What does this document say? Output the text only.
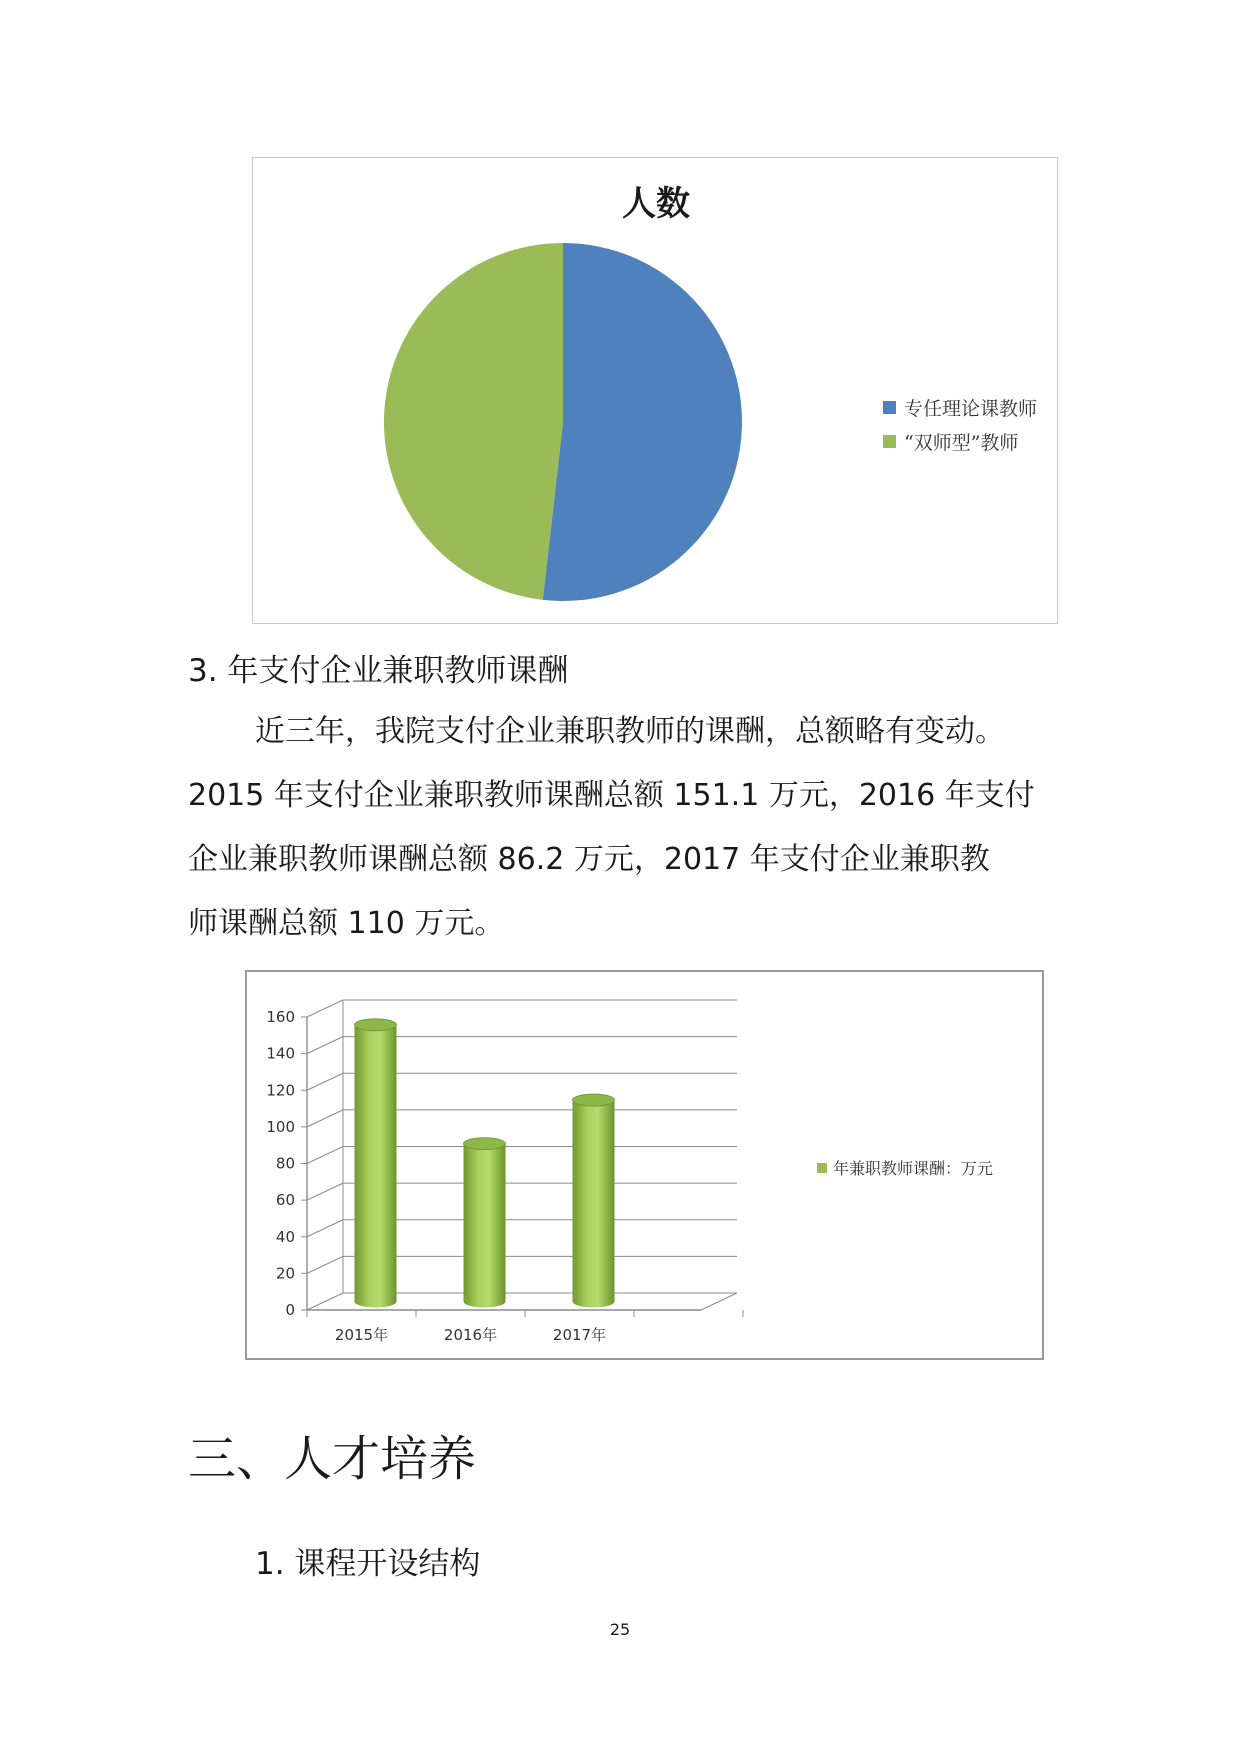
人数
专任理论课教师
“双师型”教师
3. 年支付企业兼职教师课酬
近三年，我院支付企业兼职教师的课酬，总额略有变动。
2015 年支付企业兼职教师课酬总额 151.1 万元，2016 年支付
企业兼职教师课酬总额 86.2 万元，2017 年支付企业兼职教
师课酬总额 110 万元。
0
20
40
60
80
100
120
140
160
2015年	2016年	2017年
年兼职教师课酬：万元
三、人才培养
1. 课程开设结构
25
